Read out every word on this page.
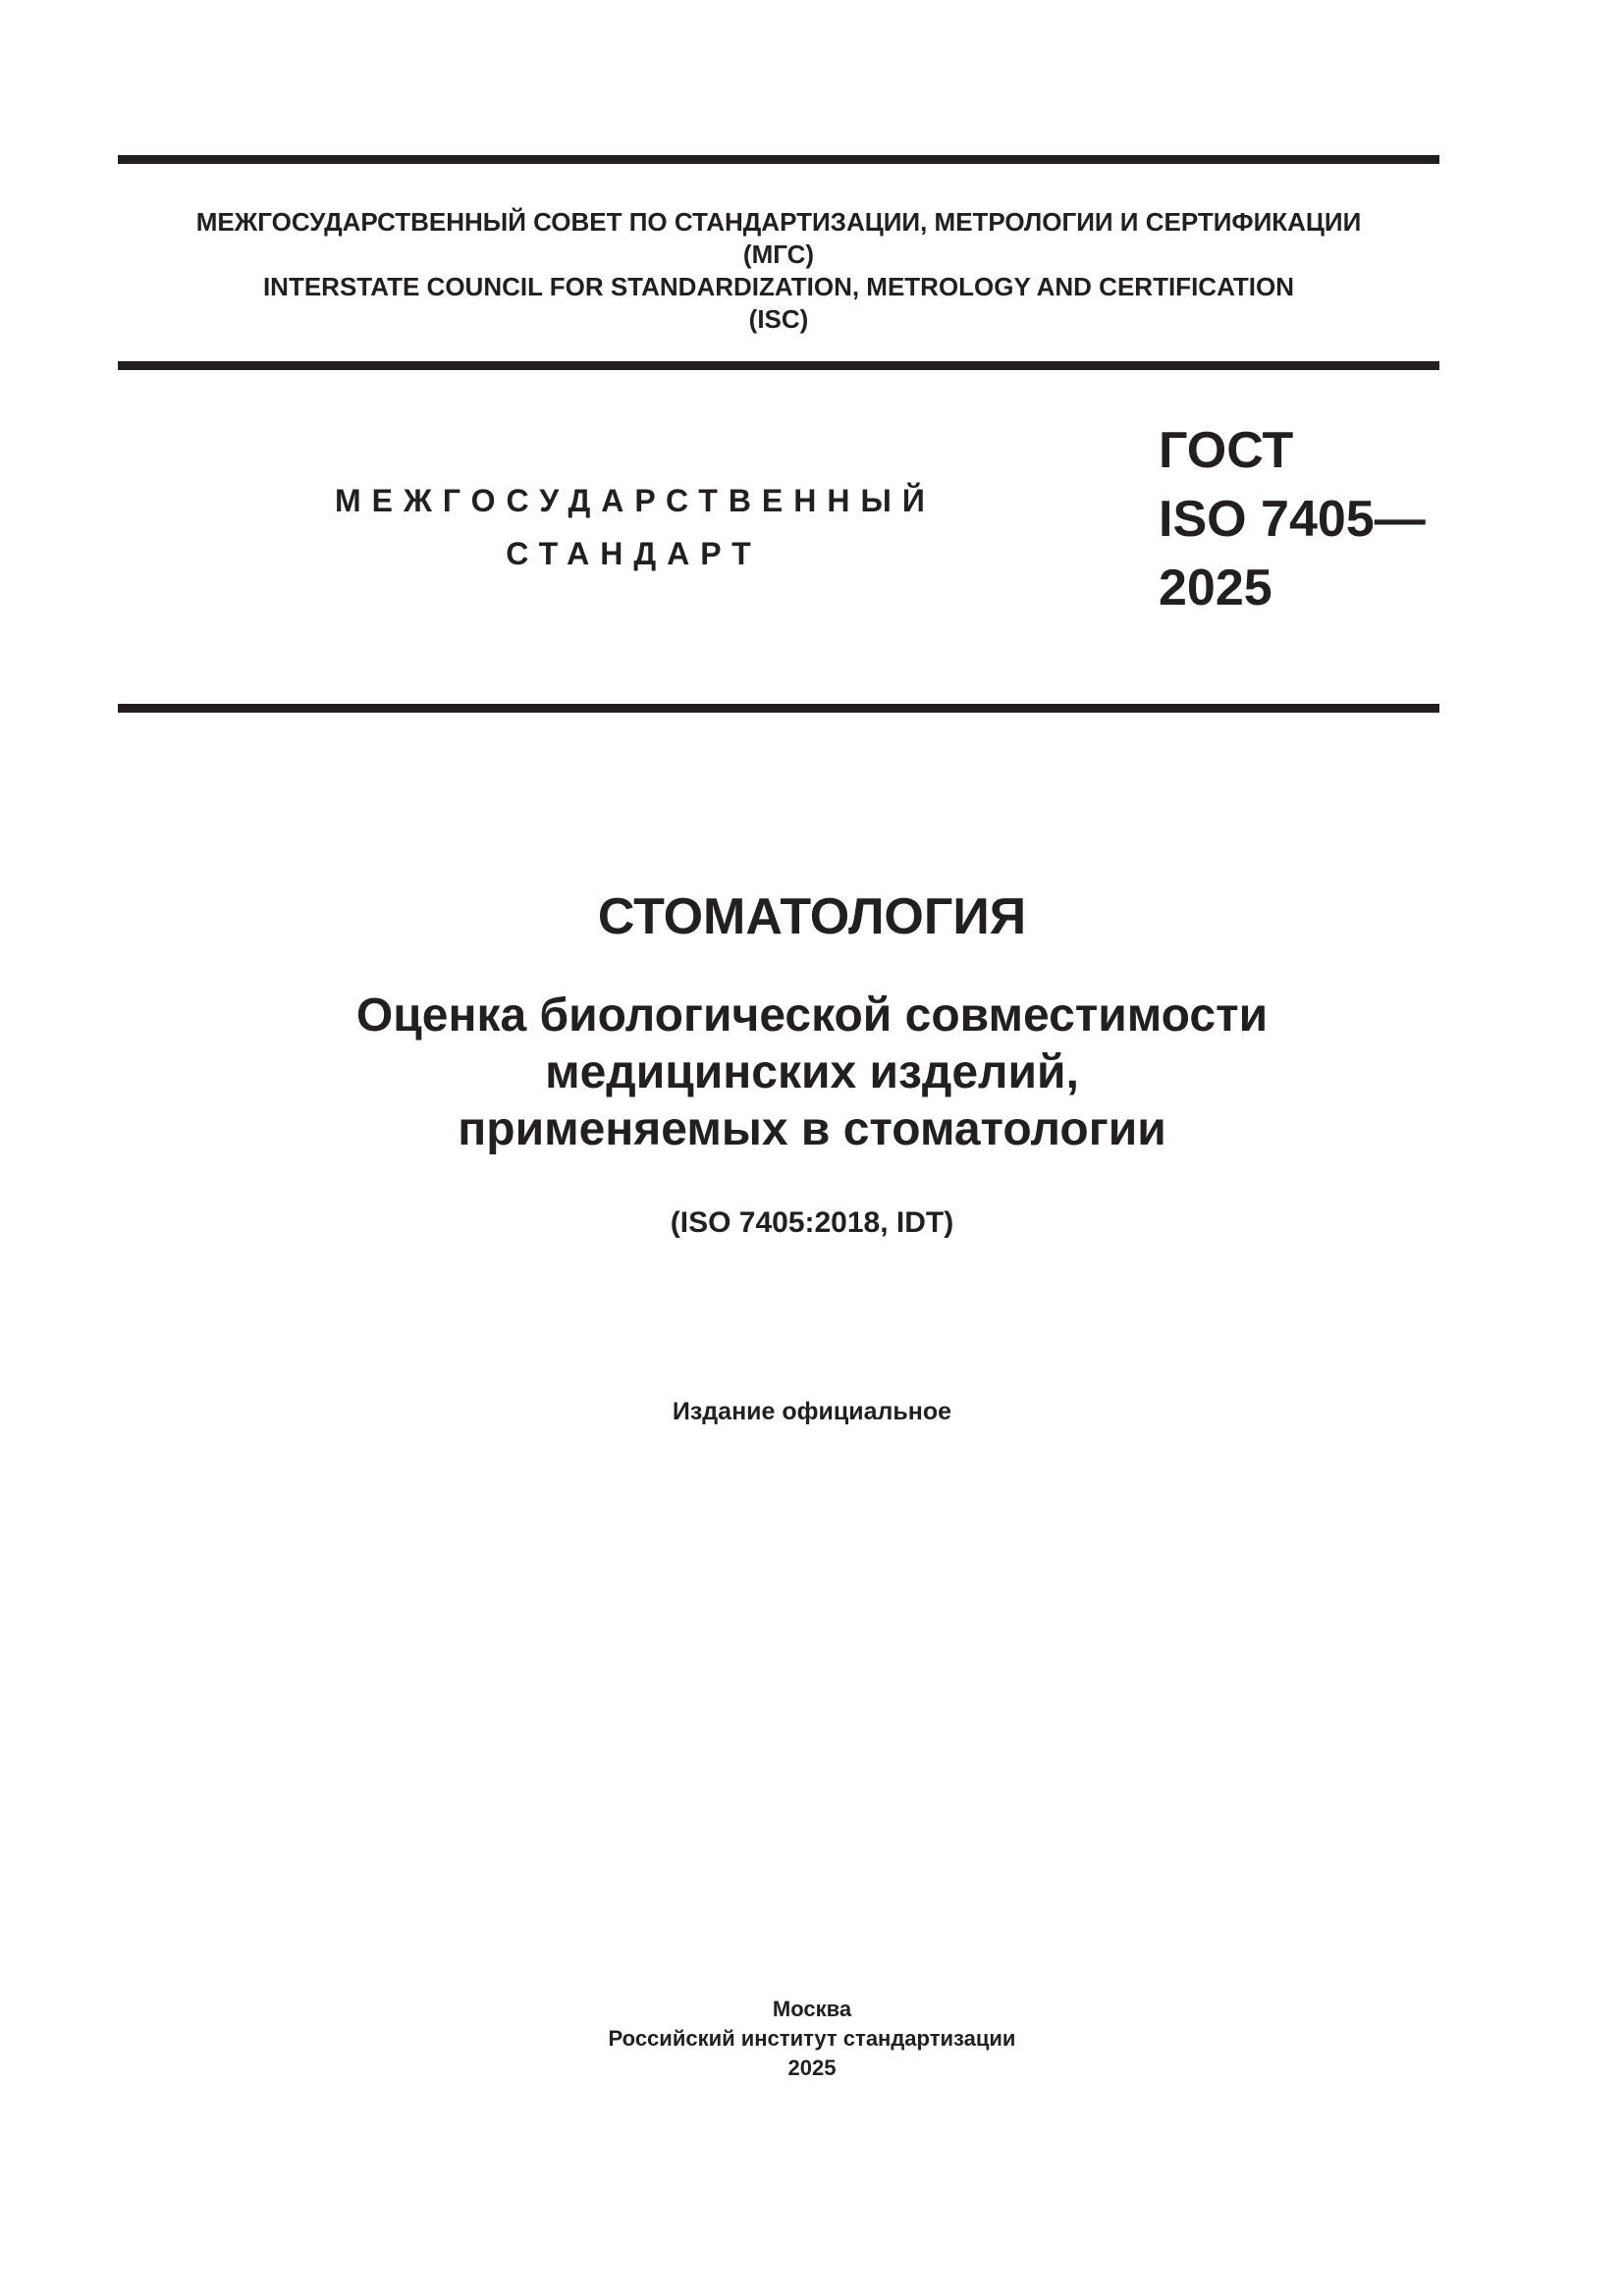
МЕЖГОСУДАРСТВЕННЫЙ СОВЕТ ПО СТАНДАРТИЗАЦИИ, МЕТРОЛОГИИ И СЕРТИФИКАЦИИ
(МГС)
INTERSTATE COUNCIL FOR STANDARDIZATION, METROLOGY AND CERTIFICATION
(ISC)
МЕЖГОСУДАРСТВЕННЫЙ
СТАНДАРТ
ГОСТ
ISO 7405—
2025
СТОМАТОЛОГИЯ
Оценка биологической совместимости
медицинских изделий,
применяемых в стоматологии
(ISO 7405:2018, IDT)
Издание официальное
Москва
Российский институт стандартизации
2025
